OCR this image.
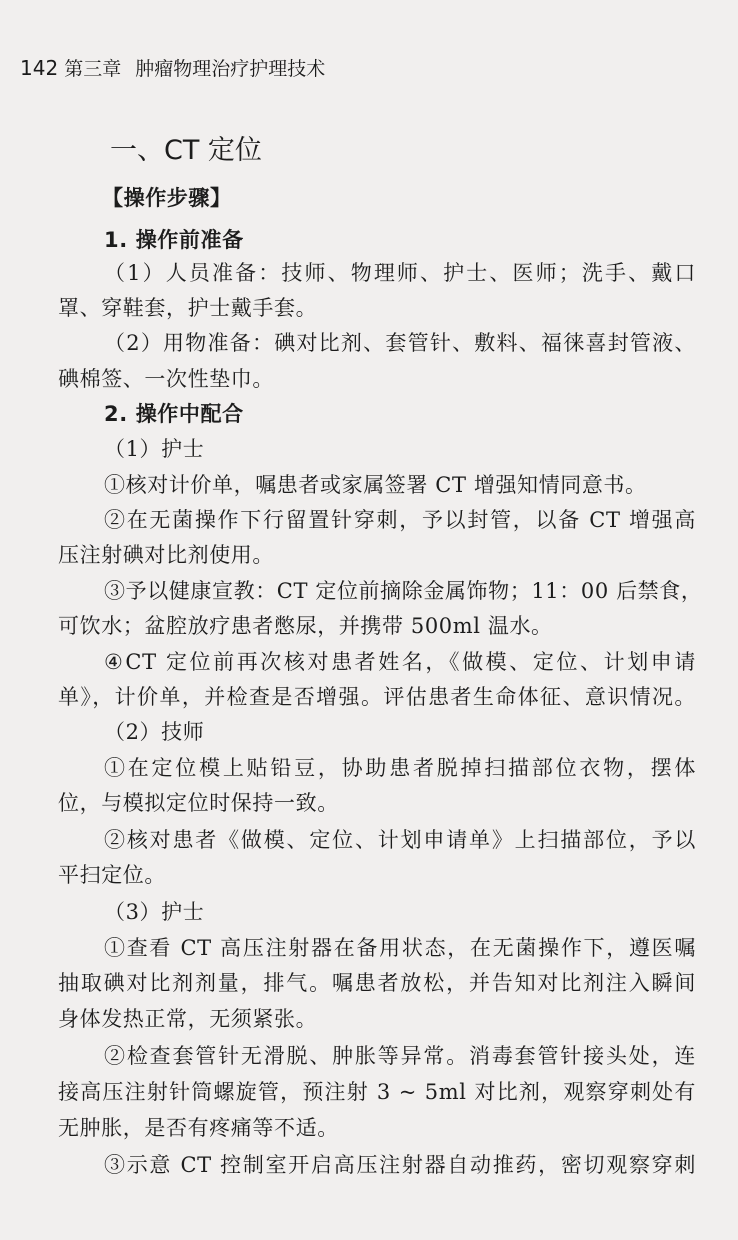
142 第三章 肿瘤物理治疗护理技术
一、CT 定位
【操作步骤】
1. 操作前准备
（1）人员准备：技师、物理师、护士、医师；洗手、戴口
罩、穿鞋套，护士戴手套。
（2）用物准备：碘对比剂、套管针、敷料、福徕喜封管液、
碘棉签、一次性垫巾。
2. 操作中配合
（1）护士
①核对计价单，嘱患者或家属签署 CT 增强知情同意书。
②在无菌操作下行留置针穿刺，予以封管，以备 CT 增强高
压注射碘对比剂使用。
③予以健康宣教：CT 定位前摘除金属饰物；11：00 后禁食，
可饮水；盆腔放疗患者憋尿，并携带 500ml 温水。
④CT 定位前再次核对患者姓名，《做模、定位、计划申请
单》，计价单，并检查是否增强。评估患者生命体征、意识情况。
（2）技师
①在定位模上贴铅豆，协助患者脱掉扫描部位衣物，摆体
位，与模拟定位时保持一致。
②核对患者《做模、定位、计划申请单》上扫描部位，予以
平扫定位。
（3）护士
①查看 CT 高压注射器在备用状态，在无菌操作下，遵医嘱
抽取碘对比剂剂量，排气。嘱患者放松，并告知对比剂注入瞬间
身体发热正常，无须紧张。
②检查套管针无滑脱、肿胀等异常。消毒套管针接头处，连
接高压注射针筒螺旋管，预注射 3 ~ 5ml 对比剂，观察穿刺处有
无肿胀，是否有疼痛等不适。
③示意 CT 控制室开启高压注射器自动推药，密切观察穿刺
